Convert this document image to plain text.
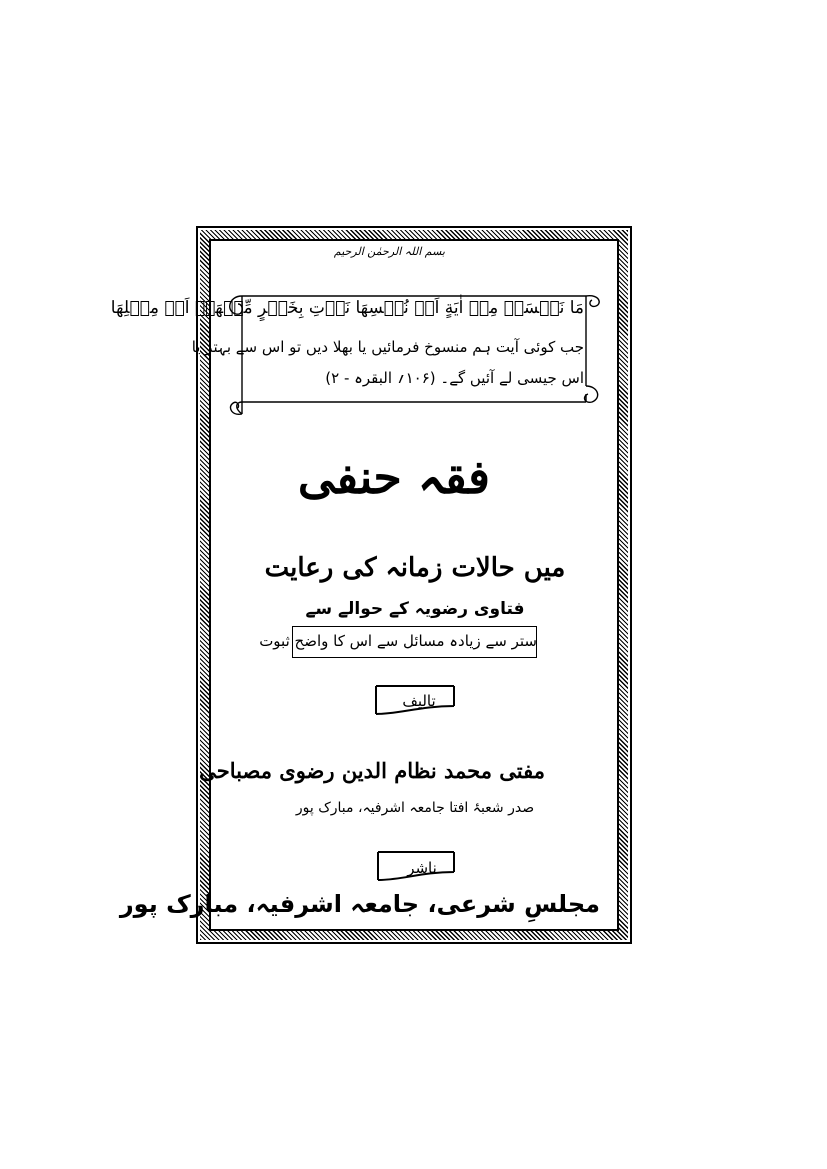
بسم اللہ الرحمٰن الرحیم
مَا نَنۡسَخۡ مِنۡ اٰيَةٍ اَوۡ نُنۡسِهَا نَاۡتِ بِخَيۡرٍ مِّنۡهَاۤ اَوۡ مِثۡلِهَا
جب کوئی آیت ہم منسوخ فرمائیں یا بھلا دیں تو اس سے بہتر یا
اس جیسی لے آئیں گے۔ (۱۰۶؍ البقرہ - ۲)
فقہ حنفی
میں حالات زمانہ کی رعایت
فتاوی رضویہ کے حوالے سے
ستر سے زیادہ مسائل سے اس کا واضح ثبوت
تالیف
مفتی محمد نظام الدین رضوی مصباحی
صدر شعبۂ افتا جامعہ اشرفیہ، مبارک پور
ناشر
مجلسِ شرعی، جامعہ اشرفیہ، مبارک پور
